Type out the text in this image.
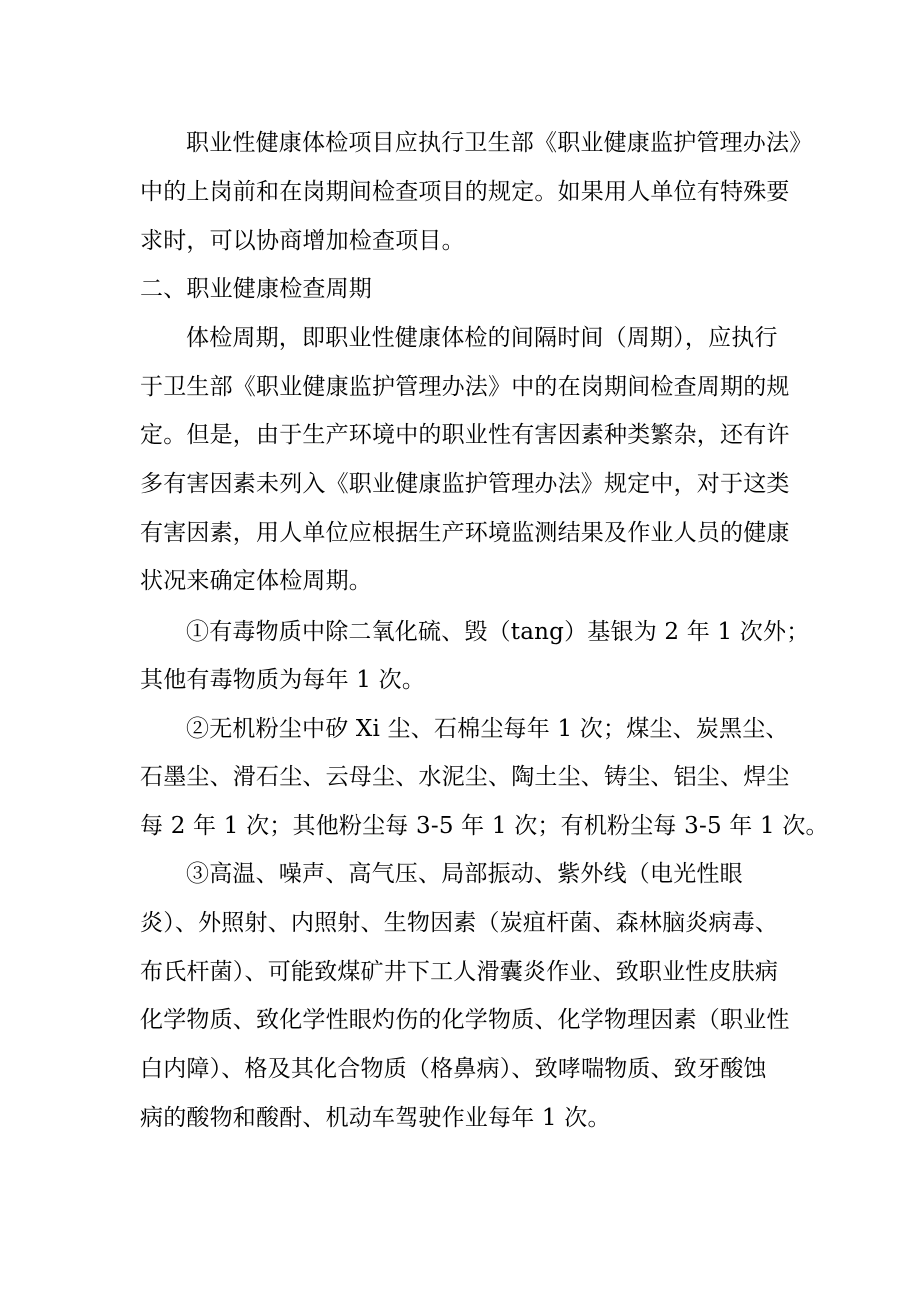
职业性健康体检项目应执行卫生部《职业健康监护管理办法》
中的上岗前和在岗期间检查项目的规定。如果用人单位有特殊要
求时，可以协商增加检查项目。
二、职业健康检查周期
体检周期，即职业性健康体检的间隔时间（周期），应执行
于卫生部《职业健康监护管理办法》中的在岗期间检查周期的规
定。但是，由于生产环境中的职业性有害因素种类繁杂，还有许
多有害因素未列入《职业健康监护管理办法》规定中，对于这类
有害因素，用人单位应根据生产环境监测结果及作业人员的健康
状况来确定体检周期。
①有毒物质中除二氧化硫、毁（tang）基银为 2 年 1 次外；
其他有毒物质为每年 1 次。
②无机粉尘中矽 Xi 尘、石棉尘每年 1 次；煤尘、炭黑尘、
石墨尘、滑石尘、云母尘、水泥尘、陶土尘、铸尘、铝尘、焊尘
每 2 年 1 次；其他粉尘每 3-5 年 1 次；有机粉尘每 3-5 年 1 次。
③高温、噪声、高气压、局部振动、紫外线（电光性眼
炎）、外照射、内照射、生物因素（炭疽杆菌、森林脑炎病毒、
布氏杆菌）、可能致煤矿井下工人滑囊炎作业、致职业性皮肤病
化学物质、致化学性眼灼伤的化学物质、化学物理因素（职业性
白内障）、格及其化合物质（格鼻病）、致哮喘物质、致牙酸蚀
病的酸物和酸酎、机动车驾驶作业每年 1 次。
